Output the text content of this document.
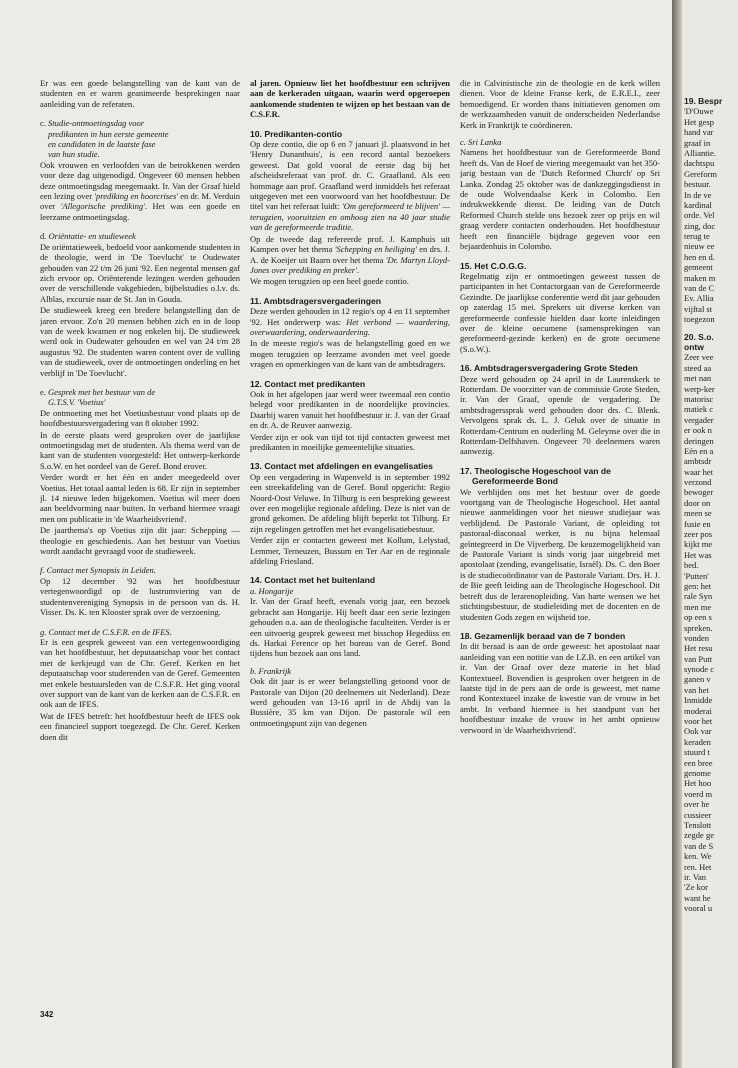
Er was een goede belangstelling van de kant van de studenten en er waren geanimeerde besprekingen naar aanleiding van de referaten.

c. Studie-ontmoetingsdag voor
predikanten in hun eerste gemeente
en candidaten in de laatste fase
van hun studie.

Ook vrouwen en verloofden van de betrokkenen werden voor deze dag uitgenodigd. Ongeveer 60 mensen hebben deze ontmoetingsdag meegemaakt. Ir. Van der Graaf hield een lezing over 'prediking en hoorcrises' en dr. M. Verduin over 'Allegorische prediking'. Het was een goede en leerzame ontmoetingsdag.

d. Oriëntatie- en studieweek

De oriëntatieweek, bedoeld voor aankomende studenten in de theologie, werd in 'De Toevlucht' te Oudewater gehouden van 22 t/m 26 juni '92. Een negental mensen gaf zich ervoor op. Oriënterende lezingen werden gehouden over de verschillende vakgebieden, bijbelstudies o.l.v. ds. Alblas, excursie naar de St. Jan in Gouda.

De studieweek kreeg een bredere belangstelling dan de jaren ervoor. Zo'n 20 mensen hebben zich en in de loop van de week kwamen er nog enkelen bij. De studieweek werd ook in Oudewater gehouden en wel van 24 t/m 28 augustus '92. De studenten waren content over de vulling van de studieweek, over de ontmoetingen onderling en het verblijf in 'De Toevlucht'.

e. Gesprek met het bestuur van de
G.T.S.V. 'Voetius'

De ontmoeting met het Voetiusbestuur vond plaats op de hoofdbestuursvergadering van 8 oktober 1992.

In de eerste plaats werd gesproken over de jaarlijkse ontmoetingsdag met de studenten. Als thema werd van de kant van de studenten voorgesteld: Het ontwerp-kerkorde S.o.W. en het oordeel van de Geref. Bond erover.

Verder wordt er het één en ander meegedeeld over Voetius. Het totaal aantal leden is 68. Er zijn in september jl. 14 nieuwe leden bijgekomen. Voetius wil meer doen aan beeldvorming naar buiten. In verband hiermee vraagt men om publicatie in 'de Waarheidsvriend'.

De jaarthema's op Voetius zijn dit jaar: Schepping — theologie en geschiedenis. Aan het bestuur van Voetius wordt aandacht gevraagd voor de studieweek.

f. Contact met Synopsis in Leiden.

Op 12 december '92 was het hoofdbestuur vertegenwoordigd op de lustrumviering van de studentenvereniging Synopsis in de persoon van ds. H. Visser. Ds. K. ten Klooster sprak over de verzoening.

g. Contact met de C.S.F.R. en de IFES.

Er is een gesprek geweest van een vertegenwoordiging van het hoofdbestuur, het deputaatschap voor het contact met de kerkjeugd van de Chr. Geref. Kerken en het deputaatschap voor studerenden van de Geref. Gemeenten met enkele bestuursleden van de C.S.F.R. Het ging vooral over support van de kant van de kerken aan de C.S.F.R. en ook aan de IFES.

Wat de IFES betreft: het hoofdbestuur heeft de IFES ook een financieel support toegezegd. De Chr. Geref. Kerken doen dit

al jaren. Opnieuw liet het hoofdbestuur een schrijven aan de kerkeraden uitgaan, waarin werd opgeroepen aankomende studenten te wijzen op het bestaan van de C.S.F.R.

10. Predikanten-contio

Op deze contio, die op 6 en 7 januari jl. plaatsvond in het 'Henry Dunanthuis', is een record aantal bezoekers geweest. Dat gold vooral de eerste dag bij het afscheidsreferaat van prof. dr. C. Graafland. Als een hommage aan prof. Graafland werd inmiddels het referaat uitgegeven met een voorwoord van het hoofdbestuur. De titel van het referaat luidt: 'Om gereformeerd te blijven' — terugzien, vooruitzien en omhoog zien na 40 jaar studie van de gereformeerde traditie.

Op de tweede dag refereerde prof. J. Kamphuis uit Kampen over het thema 'Schepping en heiliging' en drs. J. A. de Koeijer uit Baarn over het thema 'Dr. Martyn Lloyd-Jones over prediking en preker'.

We mogen terugzien op een heel goede contio.

11. Ambtsdragersvergaderingen

Deze werden gehouden in 12 regio's op 4 en 11 september '92. Het onderwerp was: Het verbond — waardering, overwaardering, onderwaardering.

In de meeste regio's was de belangstelling goed en we mogen terugzien op leerzame avonden met veel goede vragen en opmerkingen van de kant van de ambtsdragers.

12. Contact met predikanten

Ook in het afgelopen jaar werd weer tweemaal een contio belegd voor predikanten in de noordelijke provincies. Daarbij waren vanuit het hoofdbestuur ir. J. van der Graaf en dr. A. de Reuver aanwezig.

Verder zijn er ook van tijd tot tijd contacten geweest met predikanten in moeilijke gemeentelijke situaties.

13. Contact met afdelingen en evangelisaties

Op een vergadering in Wapenveld is in september 1992 een streekafdeling van de Geref. Bond opgericht: Regio Noord-Oost Veluwe. In Tilburg is een bespreking geweest over een mogelijke regionale afdeling. Deze is niet van de grond gekomen. De afdeling blijft beperkt tot Tilburg. Er zijn regelingen getroffen met het evangelisatiebestuur.

Verder zijn er contacten geweest met Kollum, Lelystad, Lemmer, Terneuzen, Bussum en Ter Aar en de regionale afdeling Friesland.

14. Contact met het buitenland
a. Hongarije

Ir. Van der Graaf heeft, evenals vorig jaar, een bezoek gebracht aan Hongarije. Hij heeft daar een serie lezingen gehouden o.a. aan de theologische faculteiten. Verder is er een uitvoerig gesprek geweest met bisschop Hegedüss en ds. Harkai Ference op het bureau van de Geref. Bond tijdens hun bezoek aan ons land.

b. Frankrijk

Ook dit jaar is er weer belangstelling getoond voor de Pastorale van Dijon (20 deelnemers uit Nederland). Deze werd gehouden van 13-16 april in de Abdij van la Bussière, 35 km van Dijon. De pastorale wil een ontmoetingspunt zijn van degenen

die in Calvinistische zin de theologie en de kerk willen dienen. Voor de kleine Franse kerk, de E.R.E.I., zeer bemoedigend. Er worden thans initiatieven genomen om de werkzaamheden vanuit de onderscheiden Nederlandse Kerk in Frankrijk te coördineren.

c. Sri Lanka

Namens het hoofdbestuur van de Gereformeerde Bond heeft ds. Van de Hoef de viering meegemaakt van het 350-jarig bestaan van de 'Dutch Reformed Church' op Sri Lanka. Zondag 25 oktober was de dankzeggingsdienst in de oude Wolvendaalse Kerk in Colombo. Een indrukwekkende dienst. De leiding van de Dutch Reformed Church stelde ons bezoek zeer op prijs en wil graag verdere contacten onderhouden. Het hoofdbestuur heeft een financiële bijdrage gegeven voor een bejaardenhuis in Colombo.

15. Het C.O.G.G.

Regelmatig zijn er ontmoetingen geweest tussen de participanten in het Contactorgaan van de Gereformeerde Gezindte. De jaarlijkse conferentie werd dit jaar gehouden op zaterdag 15 mei. Sprekers uit diverse kerken van gereformeerde confessie hielden daar korte inleidingen over de kleine oecumene (samensprekingen van gereformeerd-gezinde kerken) en de grote oecumene (S.o.W.).

16. Ambtsdragersvergadering Grote Steden

Deze werd gehouden op 24 april in de Laurenskerk te Rotterdam. De voorzitter van de commissie Grote Steden, ir. Van der Graaf, opende de vergadering. De ambtsdragerssprak werd gehouden door drs. C. Blenk. Vervolgens sprak ds. L. J. Geluk over de situatie in Rotterdam-Centrum en ouderling M. Geleynse over die in Rotterdam-Delfshaven. Ongeveer 70 deelnemers waren aanwezig.

17. Theologische Hogeschool van de
Gereformeerde Bond

We verblijden ons met het bestuur over de goede voortgang van de Theologische Hogeschool. Het aantal nieuwe aanmeldingen voor het nieuwe studiejaar was verblijdend. De Pastorale Variant, de opleiding tot pastoraal-diaconaal werker, is nu bijna helemaal geïntegreerd in De Vijverberg. De keuzemogelijkheid van de Pastorale Variant is sinds vorig jaar uitgebreid met apostolaat (zending, evangelisatie, Israël). Ds. C. den Boer is de studiecoördinator van de Pastorale Variant. Drs. H. J. de Bie geeft leiding aan de Theologische Hogeschool. Dit betreft dus de lerarenopleiding. Van harte wensen we het stichtingsbestuur, de studieleiding met de docenten en de studenten Gods zegen en wijsheid toe.

18. Gezamenlijk beraad van de 7 bonden

In dit beraad is aan de orde geweest: het apostolaat naar aanleiding van een notitie van de I.Z.B. en een artikel van ir. Van der Graaf over deze materie in het blad Kontextueel. Bovendien is gesproken over hetgeen in de laatste tijd in de pers aan de orde is geweest, met name rond Kontextueel inzake de kwestie van de vrouw in het ambt. In verband hiermee is het standpunt van het hoofdbestuur inzake de vrouw in het ambt opnieuw verwoord in 'de Waarheidsvriend'.

342
19. Bespr
'D'Ouwe
Het gesp
hand var
graaf in
Alliantie.
dachtspu
Gereform
bestuur.
In de ve
kardinal
orde. Vel
zing, doc
terug te
nieuw ee
hen en d.
gemeent
maken m
van de C
Ev. Allia
vijftal st
toegezon
20. S.o.
ontw
Zeer vee
steed aa
met nan
werp-ker
matorisc
matiek c
vergader
er ook n
deringen
Eén en a
ambtsdr
waar het
verzond
bewoger
door on
meen se
fusie en
zeer pos
kijkt me
Het was
bed.
'Putten'
gen: het
rale Syn
men me
op een s
spreken.
vonden
Het resu
van Putt
synode c
ganen v
van het
Inmidde
moderai
voor het
Ook var
keraden
stuurd t
een bree
genome
Het hoo
voerd m
over he
cussieer
Tenslott
zegde ge
van de S
ken. We
ren. Het
ir. Van
'Ze kor
want he
vooral u
